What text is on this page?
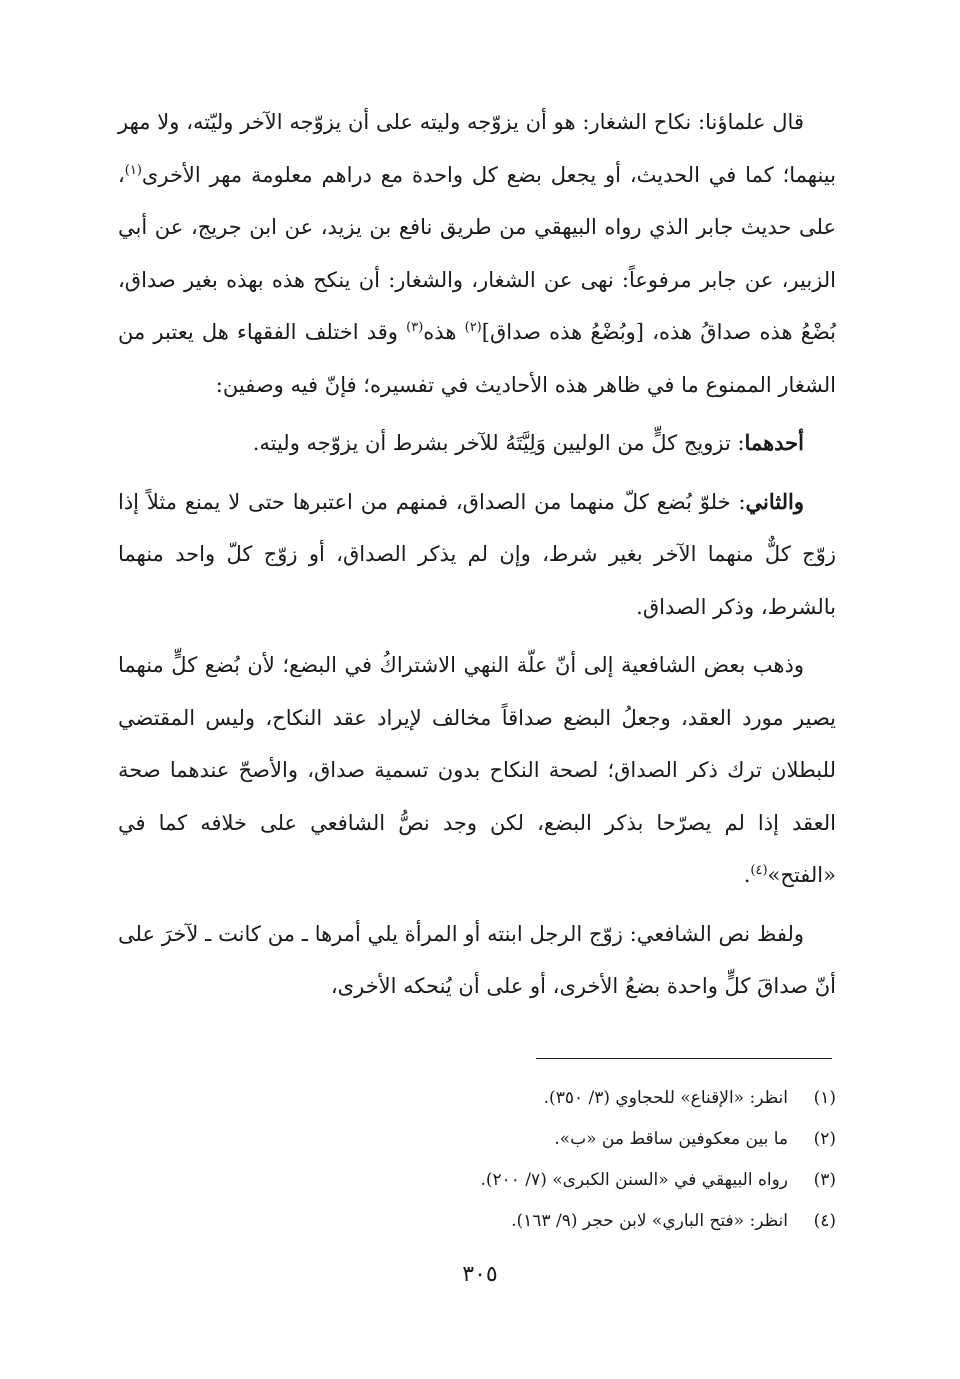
قال علماؤنا: نكاح الشغار: هو أن يزوّجه وليته على أن يزوّجه الآخر وليّته، ولا مهر بينهما؛ كما في الحديث، أو يجعل بضع كل واحدة مع دراهم معلومة مهر الأخرى$^{(١)}$، على حديث جابر الذي رواه البيهقي من طريق نافع بن يزيد، عن ابن جريج، عن أبي الزبير، عن جابر مرفوعاً: نهى عن الشغار، والشغار: أن ينكح هذه بهذه بغير صداق، بُضْعُ هذه صداقُ هذه، [وبُضْعُ هذه صداق]$^{(٢)}$ هذه$^{(٣)}$ وقد اختلف الفقهاء هل يعتبر من الشغار الممنوع ما في ظاهر هذه الأحاديث في تفسيره؛ فإنّ فيه وصفين:

أحدهما: تزويج كلٍّ من الوليين وَلِيَّتَهُ للآخر بشرط أن يزوّجه وليته.

والثاني: خلوّ بُضع كلّ منهما من الصداق، فمنهم من اعتبرها حتى لا يمنع مثلاً إذا زوّج كلٌّ منهما الآخر بغير شرط، وإن لم يذكر الصداق، أو زوّج كلّ واحد منهما بالشرط، وذكر الصداق.

وذهب بعض الشافعية إلى أنّ علّة النهي الاشتراكُ في البضع؛ لأن بُضع كلٍّ منهما يصير مورد العقد، وجعلُ البضع صداقاً مخالف لإيراد عقد النكاح، وليس المقتضي للبطلان ترك ذكر الصداق؛ لصحة النكاح بدون تسمية صداق، والأصحّ عندهما صحة العقد إذا لم يصرّحا بذكر البضع، لكن وجد نصُّ الشافعي على خلافه كما في «الفتح»$^{(٤)}$.

ولفظ نص الشافعي: زوّج الرجل ابنته أو المرأة يلي أمرها ـ من كانت ـ لآخرَ على أنّ صداقَ كلٍّ واحدة بضعُ الأخرى، أو على أن يُنحكه الأخرى،

(١)
انظر: «الإقناع» للحجاوي (٣/ ٣٥٠).
(٢)
ما بين معكوفين ساقط من «ب».
(٣)
رواه البيهقي في «السنن الكبرى» (٧/ ٢٠٠).
(٤)
انظر: «فتح الباري» لابن حجر (٩/ ١٦٣).
٣٠٥
